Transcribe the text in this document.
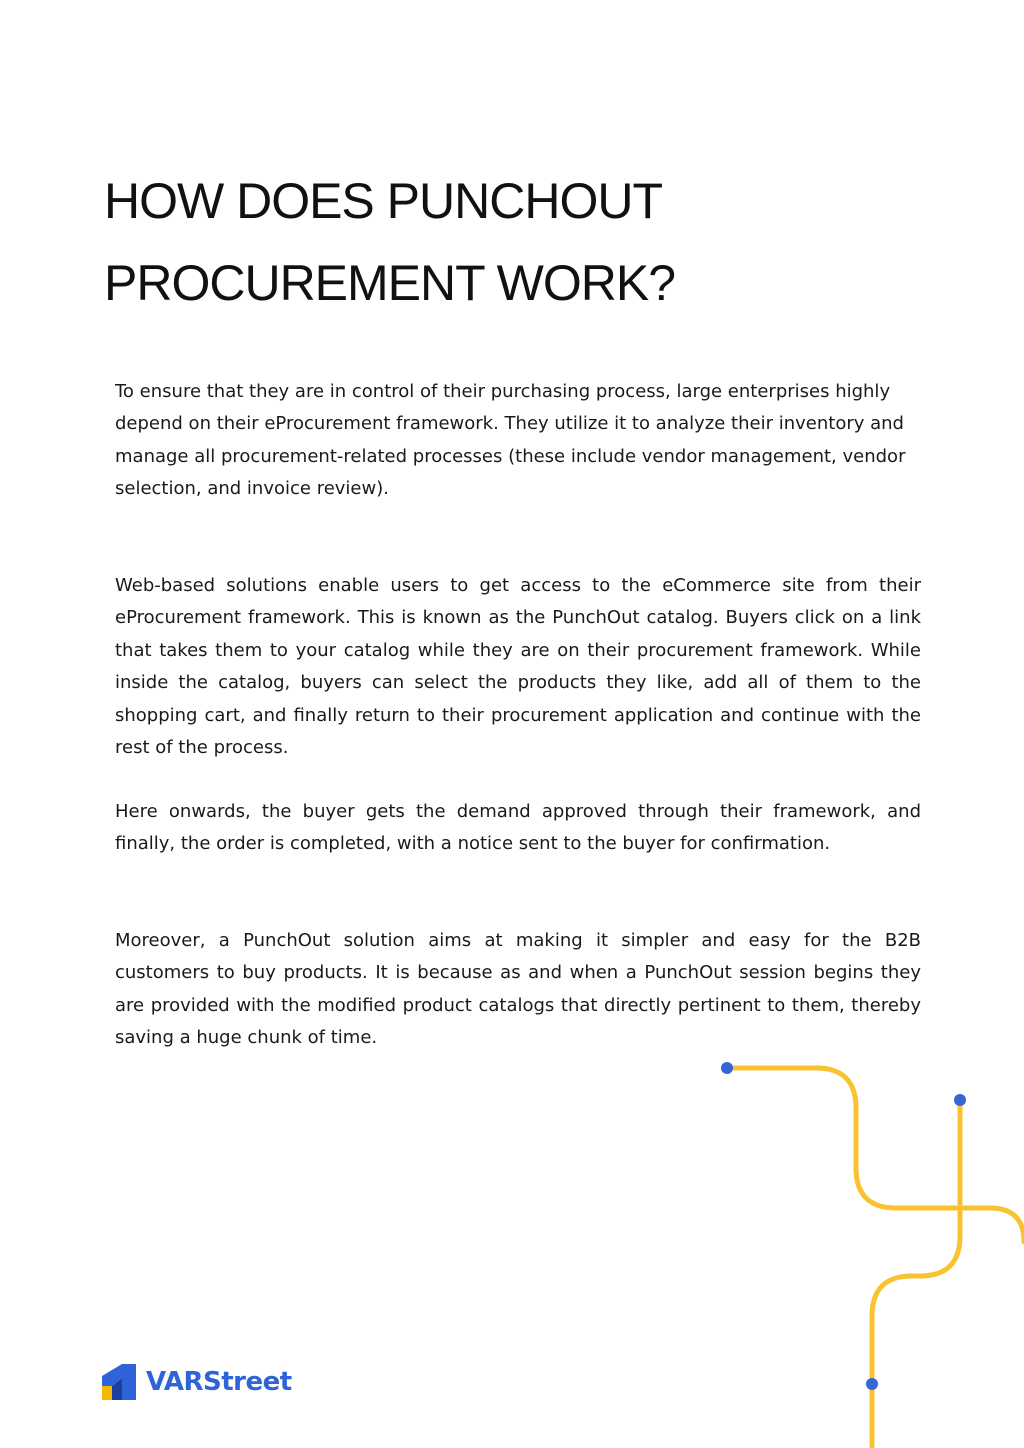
HOW DOES PUNCHOUT
PROCUREMENT WORK?

To ensure that they are in control of their purchasing process, large enterprises highly depend on their eProcurement framework. They utilize it to analyze their inventory and manage all procurement-related processes (these include vendor management, vendor selection, and invoice review).

Web-based solutions enable users to get access to the eCommerce site from their eProcurement framework. This is known as the PunchOut catalog. Buyers click on a link that takes them to your catalog while they are on their procurement framework. While inside the catalog, buyers can select the products they like, add all of them to the shopping cart, and finally return to their procurement application and continue with the rest of the process.

Here onwards, the buyer gets the demand approved through their framework, and finally, the order is completed, with a notice sent to the buyer for confirmation.

Moreover, a PunchOut solution aims at making it simpler and easy for the B2B customers to buy products. It is because as and when a PunchOut session begins they are provided with the modified product catalogs that directly pertinent to them, thereby saving a huge chunk of time.

VARStreet
